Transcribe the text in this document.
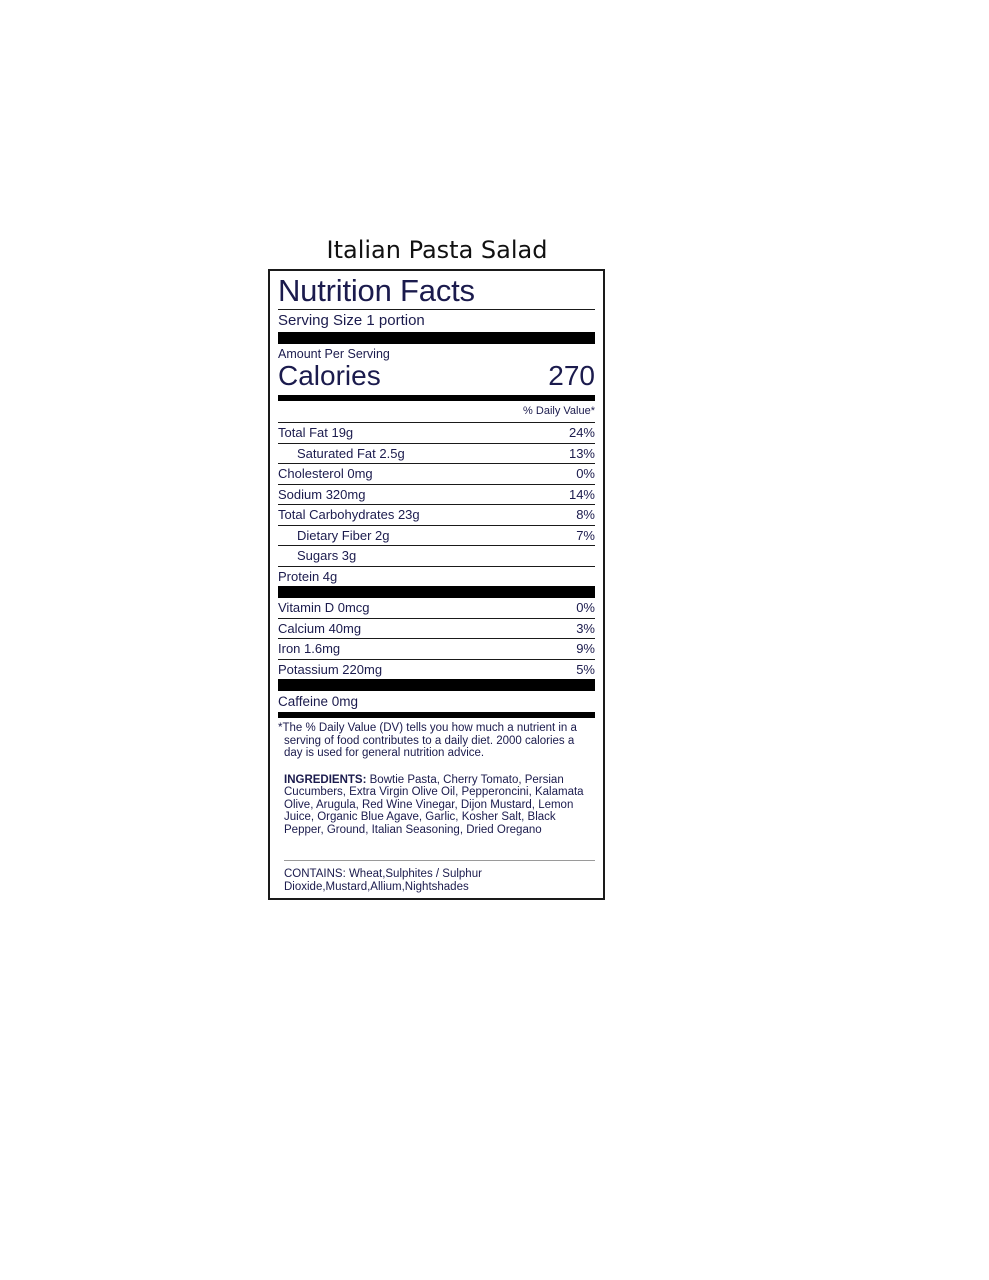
Italian Pasta Salad
Nutrition Facts
Serving Size 1 portion
Amount Per Serving
Calories	270
% Daily Value*
Total Fat 19g	24%
Saturated Fat 2.5g	13%
Cholesterol 0mg	0%
Sodium 320mg	14%
Total Carbohydrates 23g	8%
Dietary Fiber 2g	7%
Sugars 3g
Protein 4g
Vitamin D 0mcg	0%
Calcium 40mg	3%
Iron 1.6mg	9%
Potassium 220mg	5%
Caffeine 0mg
*The % Daily Value (DV) tells you how much a nutrient in a serving of food contributes to a daily diet. 2000 calories a day is used for general nutrition advice.
INGREDIENTS: Bowtie Pasta, Cherry Tomato, Persian Cucumbers, Extra Virgin Olive Oil, Pepperoncini, Kalamata Olive, Arugula, Red Wine Vinegar, Dijon Mustard, Lemon Juice, Organic Blue Agave, Garlic, Kosher Salt, Black Pepper, Ground, Italian Seasoning, Dried Oregano
CONTAINS: Wheat,Sulphites / Sulphur Dioxide,Mustard,Allium,Nightshades
